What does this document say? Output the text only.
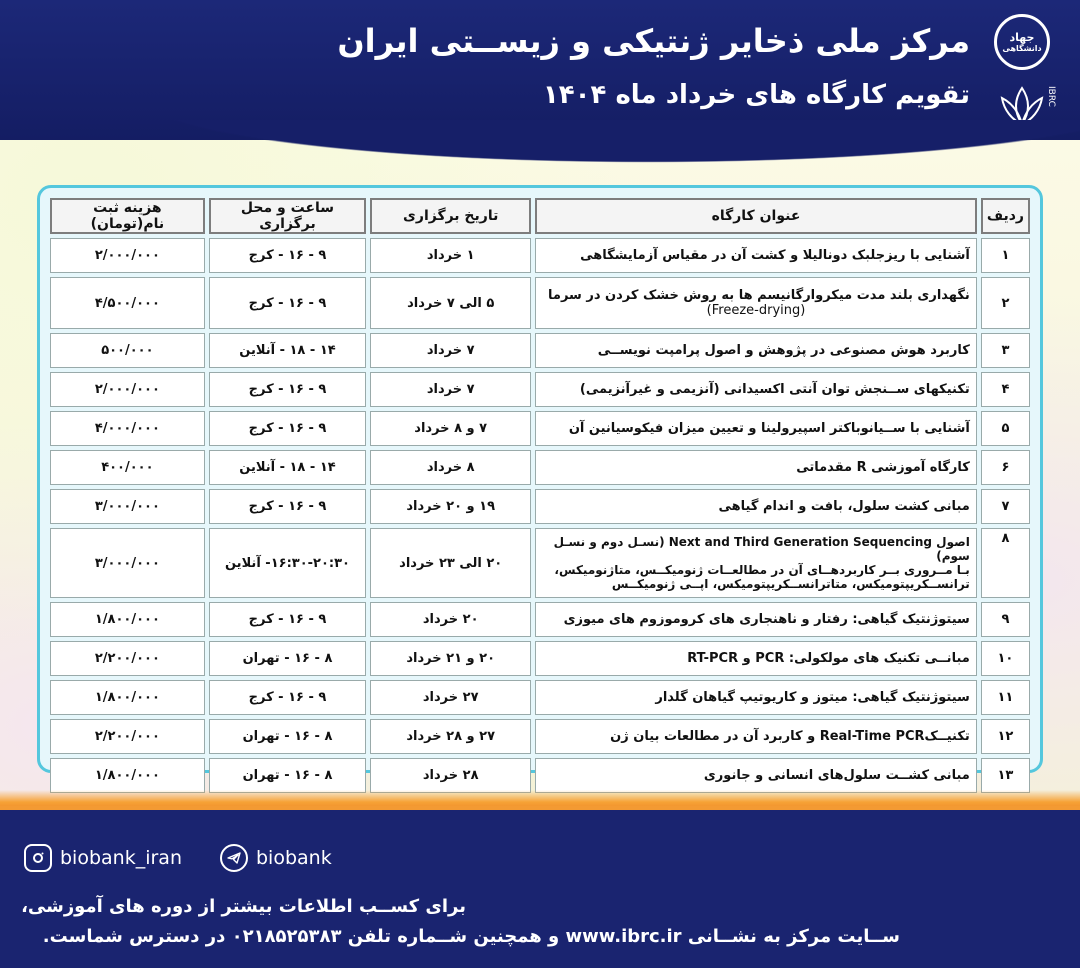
مرکز ملی ذخایر ژنتیکی و زیســتی ایران
تقویم کارگاه های خرداد ماه ۱۴۰۴
جهاد
دانشگاهی
IBRC
ردیف	عنوان کارگاه	تاریخ برگزاری	ساعت و محل برگزاری	هزینه ثبت نام(تومان)
۱	آشنایی با ریزجلبک دونالیلا و کشت آن در مقیاس آزمایشگاهی	۱ خرداد	۹ - ۱۶ - کرج	۲/۰۰۰/۰۰۰
۲	نگهداری بلند مدت میکروارگانیسم ها به روش خشک کردن در سرما
(Freeze-drying)	۵ الی ۷ خرداد	۹ - ۱۶ - کرج	۴/۵۰۰/۰۰۰
۳	کاربرد هوش مصنوعی در پژوهش و اصول پرامپت نویســی	۷ خرداد	۱۴ - ۱۸ - آنلاین	۵۰۰/۰۰۰
۴	تکنیکهای ســنجش توان آنتی اکسیدانی (آنزیمی و غیرآنزیمی)	۷ خرداد	۹ - ۱۶ - کرج	۲/۰۰۰/۰۰۰
۵	آشنایی با ســیانوباکتر اسپیرولینا و تعیین میزان فیکوسیانین آن	۷ و ۸ خرداد	۹ - ۱۶ - کرج	۴/۰۰۰/۰۰۰
۶	کارگاه آموزشی R مقدماتی	۸ خرداد	۱۴ - ۱۸ - آنلاین	۴۰۰/۰۰۰
۷	مبانی کشت سلول، بافت و اندام گیاهی	۱۹ و ۲۰ خرداد	۹ - ۱۶ - کرج	۳/۰۰۰/۰۰۰
۸	اصول Next and Third Generation Sequencing (نسـل دوم و نسـل سوم)
بـا مــروری بــر کاربردهــای آن در مطالعــات ژنومیکــس، متاژنومیکس،
ترانســکریپتومیکس، متاترانســکریپتومیکس، اپــی ژنومیکــس	۲۰ الی ۲۳ خرداد	۱۶:۳۰-۲۰:۳۰- آنلاین	۳/۰۰۰/۰۰۰
۹	سیتوژنتیک گیاهی: رفتار و ناهنجاری های کروموزوم های میوزی	۲۰ خرداد	۹ - ۱۶ - کرج	۱/۸۰۰/۰۰۰
۱۰	مبانــی تکنیک های مولکولی: PCR و RT-PCR	۲۰ و ۲۱ خرداد	۸ - ۱۶ - تهران	۲/۲۰۰/۰۰۰
۱۱	سیتوژنتیک گیاهی: میتوز و کاریوتیپ گیاهان گلدار	۲۷ خرداد	۹ - ۱۶ - کرج	۱/۸۰۰/۰۰۰
۱۲	تکنیــکReal-Time PCR و کاربرد آن در مطالعات بیان ژن	۲۷ و ۲۸ خرداد	۸ - ۱۶ - تهران	۲/۲۰۰/۰۰۰
۱۳	مبانی کشــت سلول‌های انسانی و جانوری	۲۸ خرداد	۸ - ۱۶ - تهران	۱/۸۰۰/۰۰۰
biobank_iran	biobank
برای کســب اطلاعات بیشتر از دوره های آموزشی،
ســایت مرکز به نشــانی www.ibrc.ir و همچنین شــماره تلفن ۰۲۱۸۵۲۵۳۸۳ در دسترس شماست.
